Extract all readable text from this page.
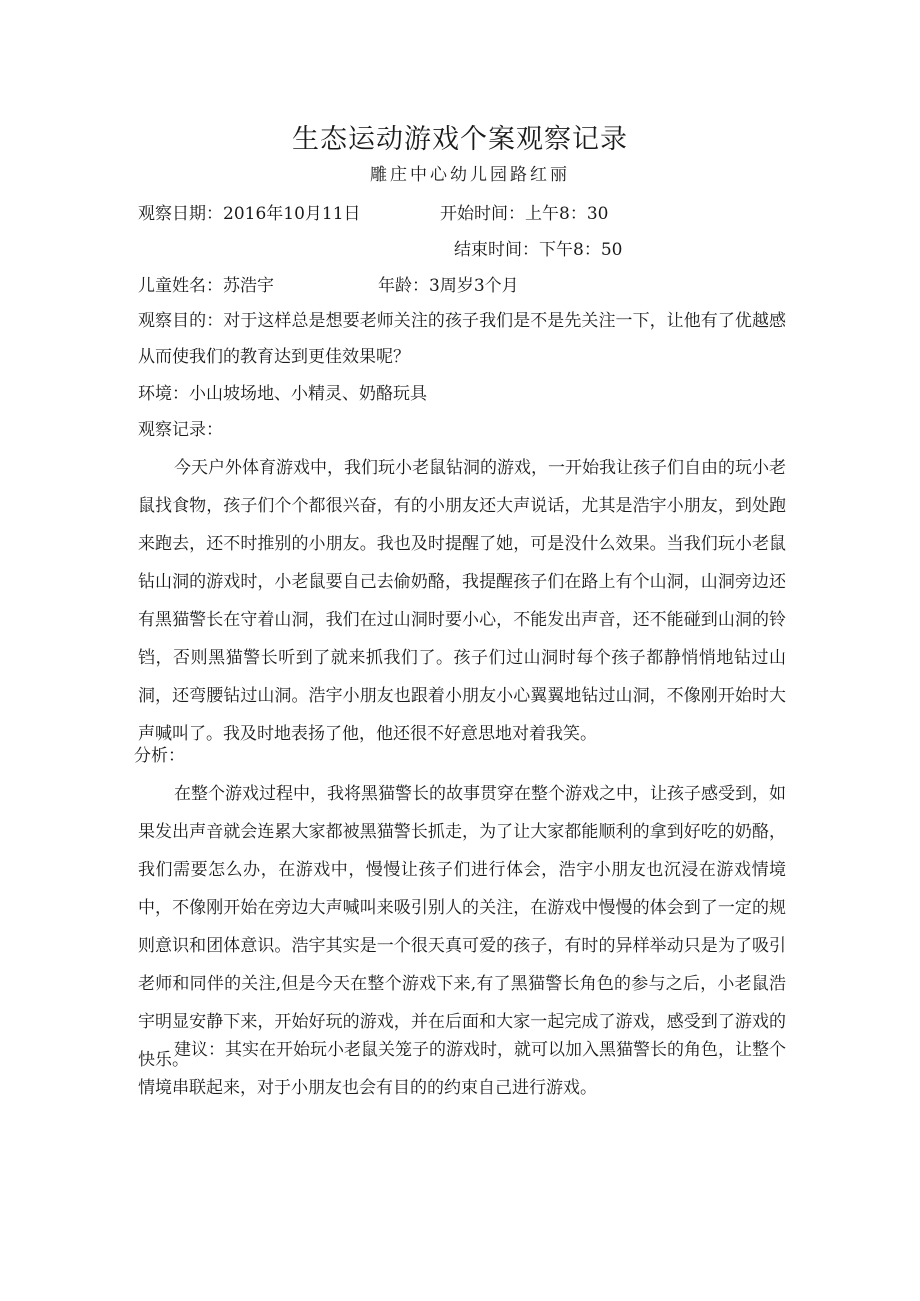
生态运动游戏个案观察记录
雕庄中心幼儿园路红丽
观察日期：2016年10月11日	开始时间：上午8：30
结束时间：下午8：50
儿童姓名：苏浩宇	年龄：3周岁3个月
观察目的：对于这样总是想要老师关注的孩子我们是不是先关注一下，让他有了优越感从而使我们的教育达到更佳效果呢？
环境：小山坡场地、小精灵、奶酪玩具
观察记录：
今天户外体育游戏中，我们玩小老鼠钻洞的游戏，一开始我让孩子们自由的玩小老鼠找食物，孩子们个个都很兴奋，有的小朋友还大声说话，尤其是浩宇小朋友，到处跑来跑去，还不时推别的小朋友。我也及时提醒了她，可是没什么效果。当我们玩小老鼠钻山洞的游戏时，小老鼠要自己去偷奶酪，我提醒孩子们在路上有个山洞，山洞旁边还有黑猫警长在守着山洞，我们在过山洞时要小心，不能发出声音，还不能碰到山洞的铃铛，否则黑猫警长听到了就来抓我们了。孩子们过山洞时每个孩子都静悄悄地钻过山洞，还弯腰钻过山洞。浩宇小朋友也跟着小朋友小心翼翼地钻过山洞，不像刚开始时大声喊叫了。我及时地表扬了他，他还很不好意思地对着我笑。
分析：
在整个游戏过程中，我将黑猫警长的故事贯穿在整个游戏之中，让孩子感受到，如果发出声音就会连累大家都被黑猫警长抓走，为了让大家都能顺利的拿到好吃的奶酪，我们需要怎么办，在游戏中，慢慢让孩子们进行体会，浩宇小朋友也沉浸在游戏情境中，不像刚开始在旁边大声喊叫来吸引别人的关注，在游戏中慢慢的体会到了一定的规则意识和团体意识。浩宇其实是一个很天真可爱的孩子，有时的异样举动只是为了吸引老师和同伴的关注,但是今天在整个游戏下来,有了黑猫警长角色的参与之后，小老鼠浩宇明显安静下来，开始好玩的游戏，并在后面和大家一起完成了游戏，感受到了游戏的快乐。
建议：其实在开始玩小老鼠关笼子的游戏时，就可以加入黑猫警长的角色，让整个情境串联起来，对于小朋友也会有目的的约束自己进行游戏。
